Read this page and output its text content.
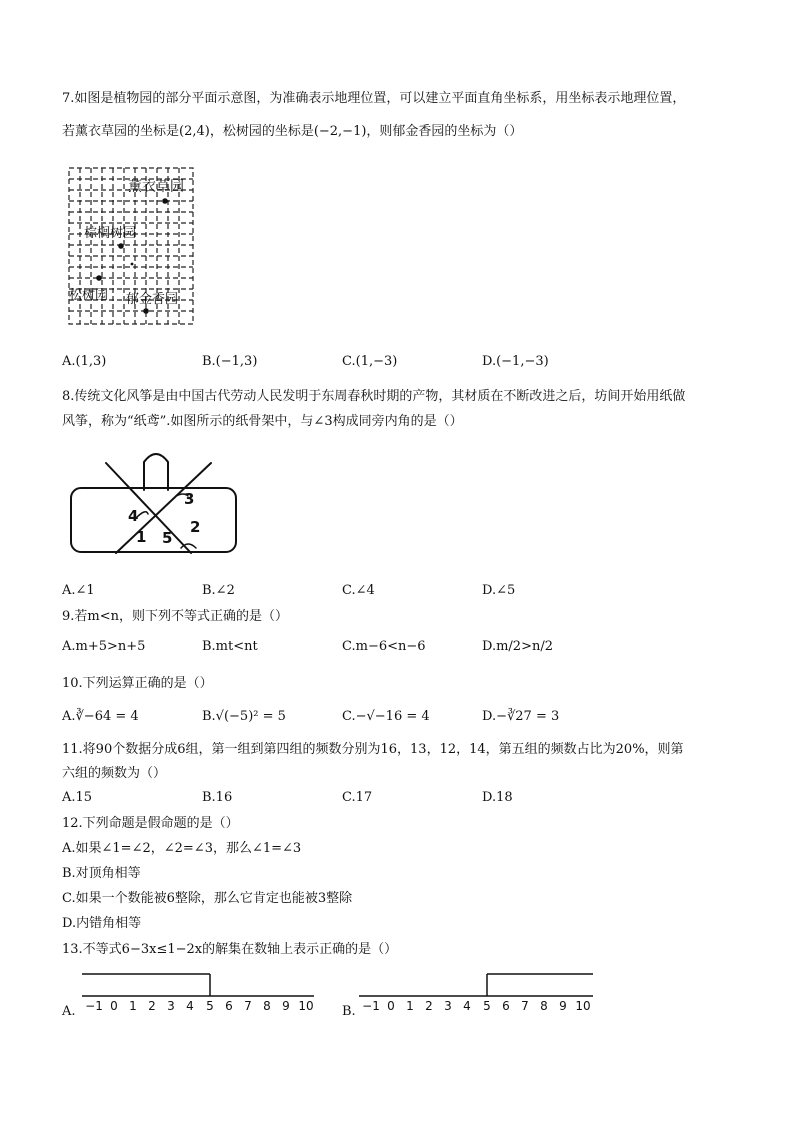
7.如图是植物园的部分平面示意图，为准确表示地理位置，可以建立平面直角坐标系，用坐标表示地理位置，
若薰衣草园的坐标是(2,4)，松树园的坐标是(−2,−1)，则郁金香园的坐标为（）
薰衣草园
棕榈树园
松树园 郁金香园
A.(1,3)	B.(−1,3)	C.(1,−3)	D.(−1,−3)
8.传统文化风筝是由中国古代劳动人民发明于东周春秋时期的产物，其材质在不断改进之后，坊间开始用纸做
风筝，称为“纸鸢”.如图所示的纸骨架中，与∠3构成同旁内角的是（）
3
4
2
1 5
A.∠1	B.∠2	C.∠4	D.∠5
9.若m<n，则下列不等式正确的是（）
A.m+5>n+5	B.mt<nt	C.m−6<n−6	D.m/2>n/2
10.下列运算正确的是（）
A.∛−64 = 4	B.√(−5)² = 5	C.−√−16 = 4	D.−∛27 = 3
11.将90个数据分成6组，第一组到第四组的频数分别为16，13，12，14，第五组的频数占比为20%，则第
六组的频数为（）
A.15	B.16	C.17	D.18
12.下列命题是假命题的是（）
A.如果∠1=∠2，∠2=∠3，那么∠1=∠3
B.对顶角相等
C.如果一个数能被6整除，那么它肯定也能被3整除
D.内错角相等
13.不等式6−3x≤1−2x的解集在数轴上表示正确的是（）
A. −1 0 1 2 3 4 5 6 7 8 9 10 B. −1 0 1 2 3 4 5 6 7 8 9 10
